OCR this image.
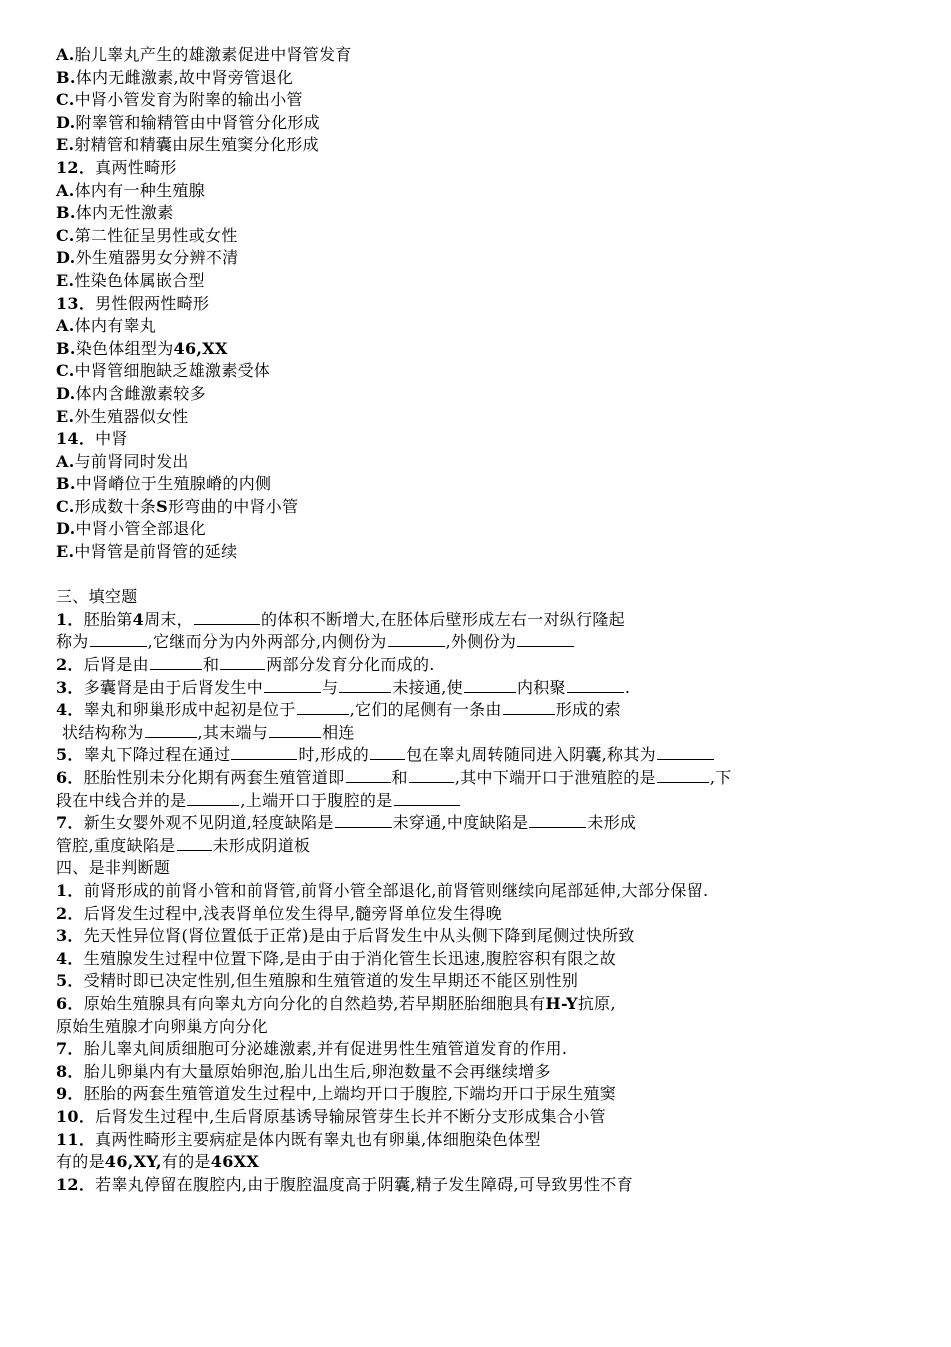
A.胎儿睾丸产生的雄激素促进中肾管发育
B.体内无雌激素,故中肾旁管退化
C.中肾小管发育为附睾的输出小管
D.附睾管和输精管由中肾管分化形成
E.射精管和精囊由尿生殖窦分化形成
12．真两性畸形
A.体内有一种生殖腺
B.体内无性激素
C.第二性征呈男性或女性
D.外生殖器男女分辨不清
E.性染色体属嵌合型
13．男性假两性畸形
A.体内有睾丸
B.染色体组型为46,XX
C.中肾管细胞缺乏雄激素受体
D.体内含雌激素较多
E.外生殖器似女性
14．中肾
A.与前肾同时发出
B.中肾嵴位于生殖腺嵴的内侧
C.形成数十条S形弯曲的中肾小管
D.中肾小管全部退化
E.中肾管是前肾管的延续
三、填空题
1．胚胎第4周末，	的体积不断增大,在胚体后壁形成左右一对纵行隆起
称为	,它继而分为内外两部分,内侧份为	,外侧份为
2．后肾是由	和	两部分发育分化而成的.
3．多囊肾是由于后肾发生中	与	未接通,使	内积聚	.
4．睾丸和卵巢形成中起初是位于	,它们的尾侧有一条由	形成的索
状结构称为	,其末端与	相连
5．睾丸下降过程在通过	时,形成的 包在睾丸周转随同进入阴囊,称其为
6．胚胎性别未分化期有两套生殖管道即	和	,其中下端开口于泄殖腔的是	,下
段在中线合并的是	,上端开口于腹腔的是
7．新生女婴外观不见阴道,轻度缺陷是	未穿通,中度缺陷是	未形成
管腔,重度缺陷是 未形成阴道板
四、是非判断题
1．前肾形成的前肾小管和前肾管,前肾小管全部退化,前肾管则继续向尾部延伸,大部分保留.
2．后肾发生过程中,浅表肾单位发生得早,髓旁肾单位发生得晚
3．先天性异位肾(肾位置低于正常)是由于后肾发生中从头侧下降到尾侧过快所致
4．生殖腺发生过程中位置下降,是由于由于消化管生长迅速,腹腔容积有限之故
5．受精时即已决定性别,但生殖腺和生殖管道的发生早期还不能区别性别
6．原始生殖腺具有向睾丸方向分化的自然趋势,若早期胚胎细胞具有H-Y抗原,
原始生殖腺才向卵巢方向分化
7．胎儿睾丸间质细胞可分泌雄激素,并有促进男性生殖管道发育的作用.
8．胎儿卵巢内有大量原始卵泡,胎儿出生后,卵泡数量不会再继续增多
9．胚胎的两套生殖管道发生过程中,上端均开口于腹腔,下端均开口于尿生殖窦
10．后肾发生过程中,生后肾原基诱导输尿管芽生长并不断分支形成集合小管
11．真两性畸形主要病症是体内既有睾丸也有卵巢,体细胞染色体型
有的是46,XY,有的是46XX
12．若睾丸停留在腹腔内,由于腹腔温度高于阴囊,精子发生障碍,可导致男性不育
